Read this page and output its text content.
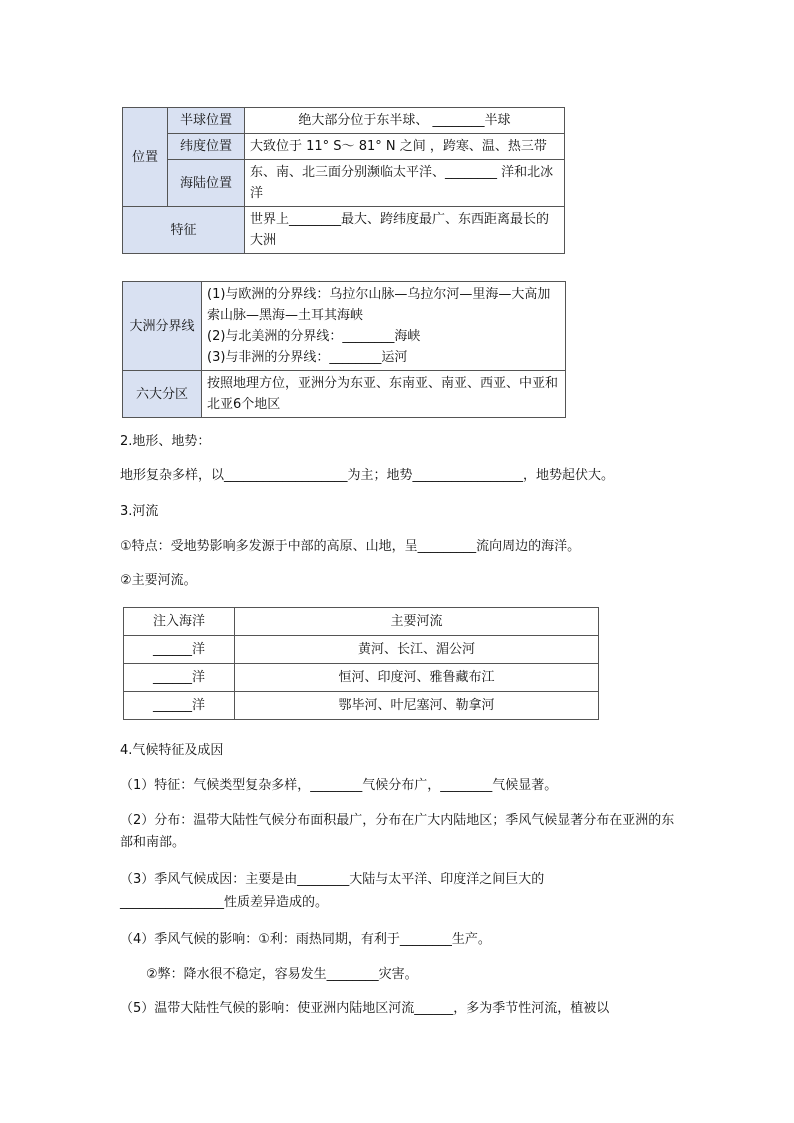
位置	半球位置	绝大部分位于东半球、 ________半球
	纬度位置	大致位于 11° S～ 81° N 之间 ，跨寒、温、热三带
	海陆位置	东、南、北三面分别濒临太平洋、________ 洋和北冰洋
特征		世界上________最大、跨纬度最广、东西距离最长的大洲
大洲分界线	(1)与欧洲的分界线：乌拉尔山脉—乌拉尔河—里海—大高加索山脉—黑海—土耳其海峡
(2)与北美洲的分界线：________海峡
(3)与非洲的分界线：________运河

六大分区	按照地理方位，亚洲分为东亚、东南亚、南亚、西亚、中亚和北亚6个地区

2.地形、地势：

地形复杂多样，以___________________为主；地势_________________，地势起伏大。

3.河流

①特点：受地势影响多发源于中部的高原、山地，呈_________流向周边的海洋。

②主要河流。

注入海洋	主要河流
______洋	黄河、长江、湄公河
______洋	恒河、印度河、雅鲁藏布江
______洋	鄂毕河、叶尼塞河、勒拿河

4.气候特征及成因

（1）特征：气候类型复杂多样，________气候分布广，________气候显著。

（2）分布：温带大陆性气候分布面积最广，分布在广大内陆地区；季风气候显著分布在亚洲的东部和南部。

（3）季风气候成因：主要是由________大陆与太平洋、印度洋之间巨大的

________________性质差异造成的。

（4）季风气候的影响：①利：雨热同期，有利于________生产。

②弊：降水很不稳定，容易发生________灾害。

（5）温带大陆性气候的影响：使亚洲内陆地区河流______，多为季节性河流，植被以
